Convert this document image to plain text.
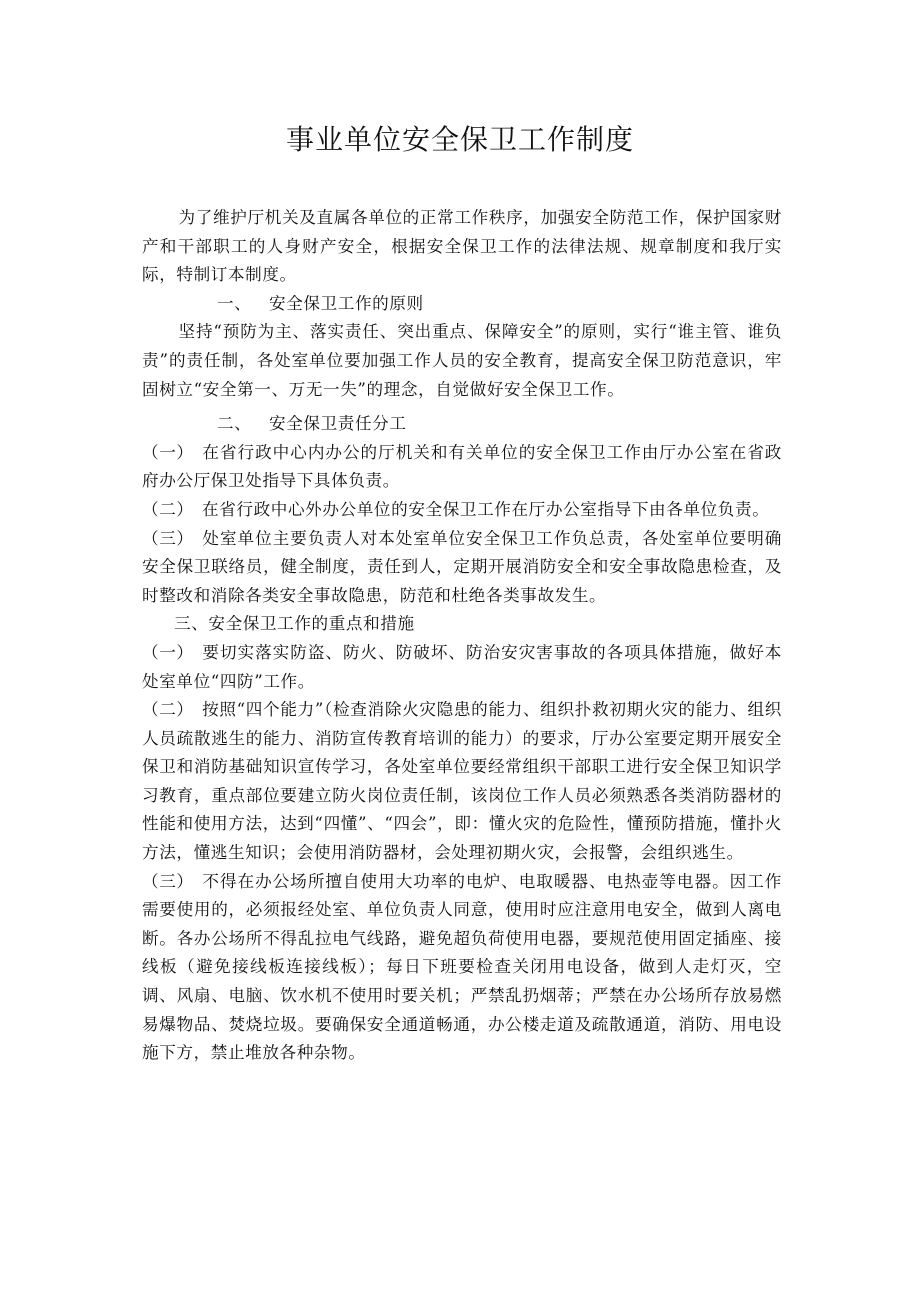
事业单位安全保卫工作制度

为了维护厅机关及直属各单位的正常工作秩序，加强安全防范工作，保护国家财产和干部职工的人身财产安全，根据安全保卫工作的法律法规、规章制度和我厅实际，特制订本制度。

一、 安全保卫工作的原则

坚持“预防为主、落实责任、突出重点、保障安全”的原则，实行“谁主管、谁负责”的责任制，各处室单位要加强工作人员的安全教育，提高安全保卫防范意识，牢固树立“安全第一、万无一失”的理念，自觉做好安全保卫工作。

二、 安全保卫责任分工

（一） 在省行政中心内办公的厅机关和有关单位的安全保卫工作由厅办公室在省政府办公厅保卫处指导下具体负责。

（二） 在省行政中心外办公单位的安全保卫工作在厅办公室指导下由各单位负责。

（三） 处室单位主要负责人对本处室单位安全保卫工作负总责，各处室单位要明确安全保卫联络员，健全制度，责任到人，定期开展消防安全和安全事故隐患检查，及时整改和消除各类安全事故隐患，防范和杜绝各类事故发生。

三、安全保卫工作的重点和措施

（一） 要切实落实防盗、防火、防破坏、防治安灾害事故的各项具体措施，做好本处室单位“四防”工作。

（二） 按照“四个能力”（检查消除火灾隐患的能力、组织扑救初期火灾的能力、组织人员疏散逃生的能力、消防宣传教育培训的能力）的要求，厅办公室要定期开展安全保卫和消防基础知识宣传学习，各处室单位要经常组织干部职工进行安全保卫知识学习教育，重点部位要建立防火岗位责任制，该岗位工作人员必须熟悉各类消防器材的性能和使用方法，达到“四懂”、“四会”，即：懂火灾的危险性，懂预防措施，懂扑火方法，懂逃生知识；会使用消防器材，会处理初期火灾，会报警，会组织逃生。

（三） 不得在办公场所擅自使用大功率的电炉、电取暖器、电热壶等电器。因工作需要使用的，必须报经处室、单位负责人同意，使用时应注意用电安全，做到人离电断。各办公场所不得乱拉电气线路，避免超负荷使用电器，要规范使用固定插座、接线板（避免接线板连接线板）；每日下班要检查关闭用电设备，做到人走灯灭，空调、风扇、电脑、饮水机不使用时要关机；严禁乱扔烟蒂；严禁在办公场所存放易燃易爆物品、焚烧垃圾。要确保安全通道畅通，办公楼走道及疏散通道，消防、用电设施下方，禁止堆放各种杂物。
